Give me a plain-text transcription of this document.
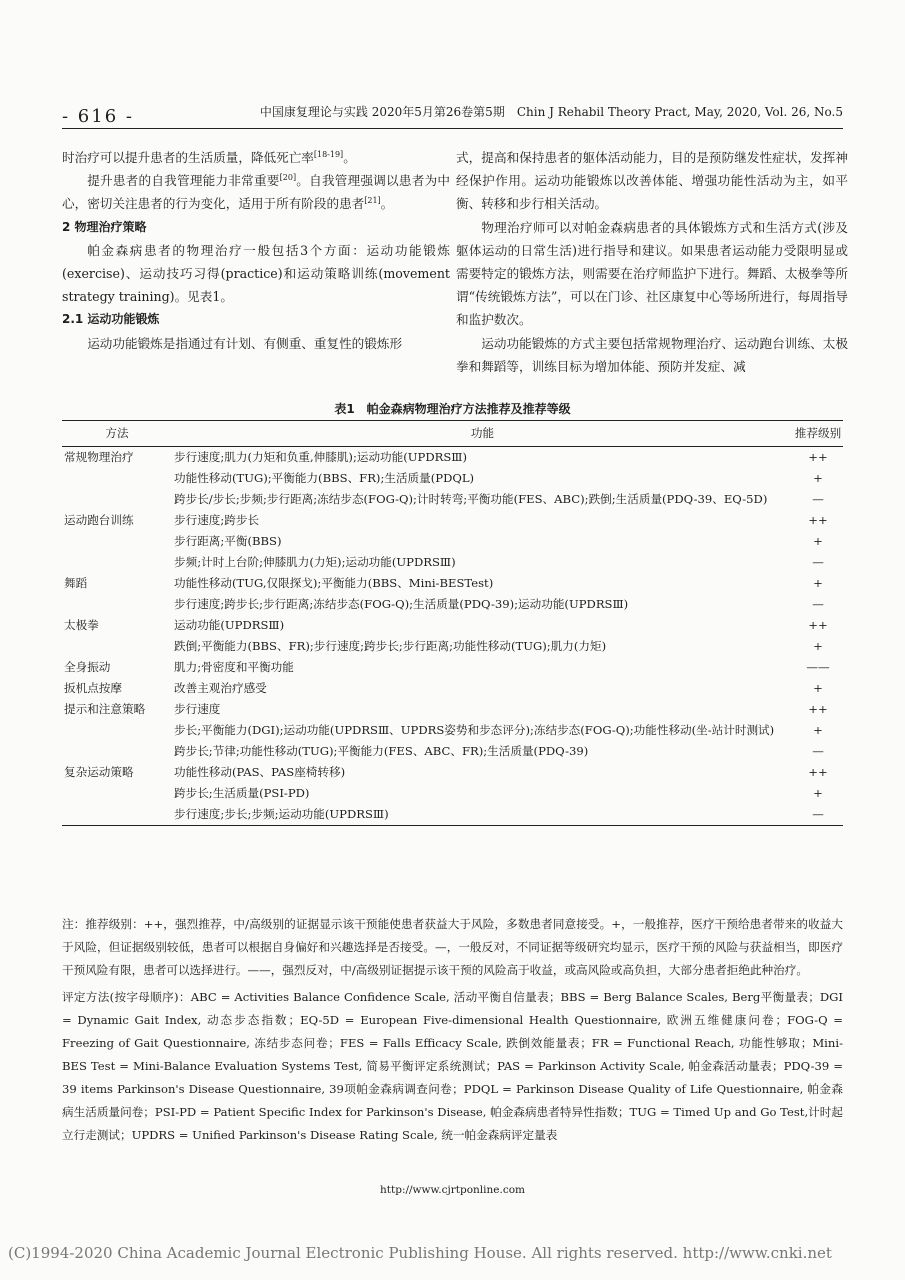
- 616 -	中国康复理论与实践 2020年5月第26卷第5期　Chin J Rehabil Theory Pract, May, 2020, Vol. 26, No.5

时治疗可以提升患者的生活质量，降低死亡率[18-19]。

提升患者的自我管理能力非常重要[20]。自我管理强调以患者为中心，密切关注患者的行为变化，适用于所有阶段的患者[21]。

2 物理治疗策略

帕金森病患者的物理治疗一般包括3个方面：运动功能锻炼(exercise)、运动技巧习得(practice)和运动策略训练(movement strategy training)。见表1。

2.1 运动功能锻炼

运动功能锻炼是指通过有计划、有侧重、重复性的锻炼形

式，提高和保持患者的躯体活动能力，目的是预防继发性症状，发挥神经保护作用。运动功能锻炼以改善体能、增强功能性活动为主，如平衡、转移和步行相关活动。

物理治疗师可以对帕金森病患者的具体锻炼方式和生活方式(涉及躯体运动的日常生活)进行指导和建议。如果患者运动能力受限明显或需要特定的锻炼方法，则需要在治疗师监护下进行。舞蹈、太极拳等所谓“传统锻炼方法”，可以在门诊、社区康复中心等场所进行，每周指导和监护数次。

运动功能锻炼的方式主要包括常规物理治疗、运动跑台训练、太极拳和舞蹈等，训练目标为增加体能、预防并发症、减

表1　帕金森病物理治疗方法推荐及推荐等级
方法	功能	推荐级别
常规物理治疗	步行速度;肌力(力矩和负重,伸膝肌);运动功能(UPDRSⅢ)	++
	功能性移动(TUG);平衡能力(BBS、FR);生活质量(PDQL)	+
	跨步长/步长;步频;步行距离;冻结步态(FOG-Q);计时转弯;平衡功能(FES、ABC);跌倒;生活质量(PDQ-39、EQ-5D)	—
运动跑台训练	步行速度;跨步长	++
	步行距离;平衡(BBS)	+
	步频;计时上台阶;伸膝肌力(力矩);运动功能(UPDRSⅢ)	—
舞蹈	功能性移动(TUG,仅限探戈);平衡能力(BBS、Mini-BESTest)	+
	步行速度;跨步长;步行距离;冻结步态(FOG-Q);生活质量(PDQ-39);运动功能(UPDRSⅢ)	—
太极拳	运动功能(UPDRSⅢ)	++
	跌倒;平衡能力(BBS、FR);步行速度;跨步长;步行距离;功能性移动(TUG);肌力(力矩)	+
全身振动	肌力;骨密度和平衡功能	——
扳机点按摩	改善主观治疗感受	+
提示和注意策略	步行速度	++
	步长;平衡能力(DGI);运动功能(UPDRSⅢ、UPDRS姿势和步态评分);冻结步态(FOG-Q);功能性移动(坐-站计时测试)	+
	跨步长;节律;功能性移动(TUG);平衡能力(FES、ABC、FR);生活质量(PDQ-39)	—
复杂运动策略	功能性移动(PAS、PAS座椅转移)	++
	跨步长;生活质量(PSI-PD)	+
	步行速度;步长;步频;运动功能(UPDRSⅢ)	—

注：推荐级别：++，强烈推荐，中/高级别的证据显示该干预能使患者获益大于风险，多数患者同意接受。+，一般推荐，医疗干预给患者带来的收益大于风险，但证据级别较低，患者可以根据自身偏好和兴趣选择是否接受。—，一般反对，不同证据等级研究均显示，医疗干预的风险与获益相当，即医疗干预风险有限，患者可以选择进行。——，强烈反对，中/高级别证据提示该干预的风险高于收益，或高风险或高负担，大部分患者拒绝此种治疗。

评定方法(按字母顺序)：ABC = Activities Balance Confidence Scale, 活动平衡自信量表；BBS = Berg Balance Scales, Berg平衡量表；DGI = Dynamic Gait Index, 动态步态指数；EQ-5D = European Five-dimensional Health Questionnaire, 欧洲五维健康问卷；FOG-Q = Freezing of Gait Questionnaire, 冻结步态问卷；FES = Falls Efficacy Scale, 跌倒效能量表；FR = Functional Reach, 功能性够取；Mini-BES Test = Mini-Balance Evaluation Systems Test, 简易平衡评定系统测试；PAS = Parkinson Activity Scale, 帕金森活动量表；PDQ-39 = 39 items Parkinson's Disease Questionnaire, 39项帕金森病调查问卷；PDQL = Parkinson Disease Quality of Life Questionnaire, 帕金森病生活质量问卷；PSI-PD = Patient Specific Index for Parkinson's Disease, 帕金森病患者特异性指数；TUG = Timed Up and Go Test,计时起立行走测试；UPDRS = Unified Parkinson's Disease Rating Scale, 统一帕金森病评定量表

http://www.cjrtponline.com
(C)1994-2020 China Academic Journal Electronic Publishing House. All rights reserved. http://www.cnki.net
